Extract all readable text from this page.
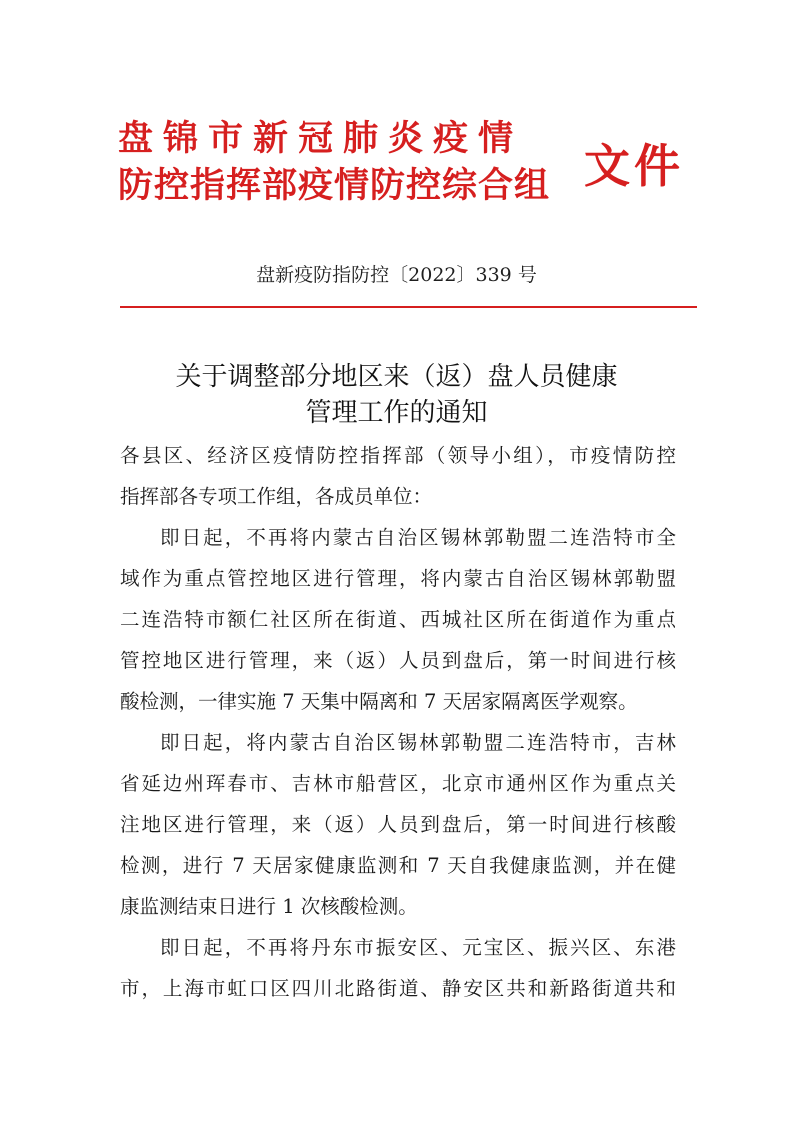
盘锦市新冠肺炎疫情
防控指挥部疫情防控综合组 文件
盘新疫防指防控〔2022〕339 号
关于调整部分地区来（返）盘人员健康
管理工作的通知
各县区、经济区疫情防控指挥部（领导小组），市疫情防控
指挥部各专项工作组，各成员单位：
即日起，不再将内蒙古自治区锡林郭勒盟二连浩特市全
域作为重点管控地区进行管理，将内蒙古自治区锡林郭勒盟
二连浩特市额仁社区所在街道、西城社区所在街道作为重点
管控地区进行管理，来（返）人员到盘后，第一时间进行核
酸检测，一律实施 7 天集中隔离和 7 天居家隔离医学观察。
即日起，将内蒙古自治区锡林郭勒盟二连浩特市，吉林
省延边州珲春市、吉林市船营区，北京市通州区作为重点关
注地区进行管理，来（返）人员到盘后，第一时间进行核酸
检测，进行 7 天居家健康监测和 7 天自我健康监测，并在健
康监测结束日进行 1 次核酸检测。
即日起，不再将丹东市振安区、元宝区、振兴区、东港
市，上海市虹口区四川北路街道、静安区共和新路街道共和
